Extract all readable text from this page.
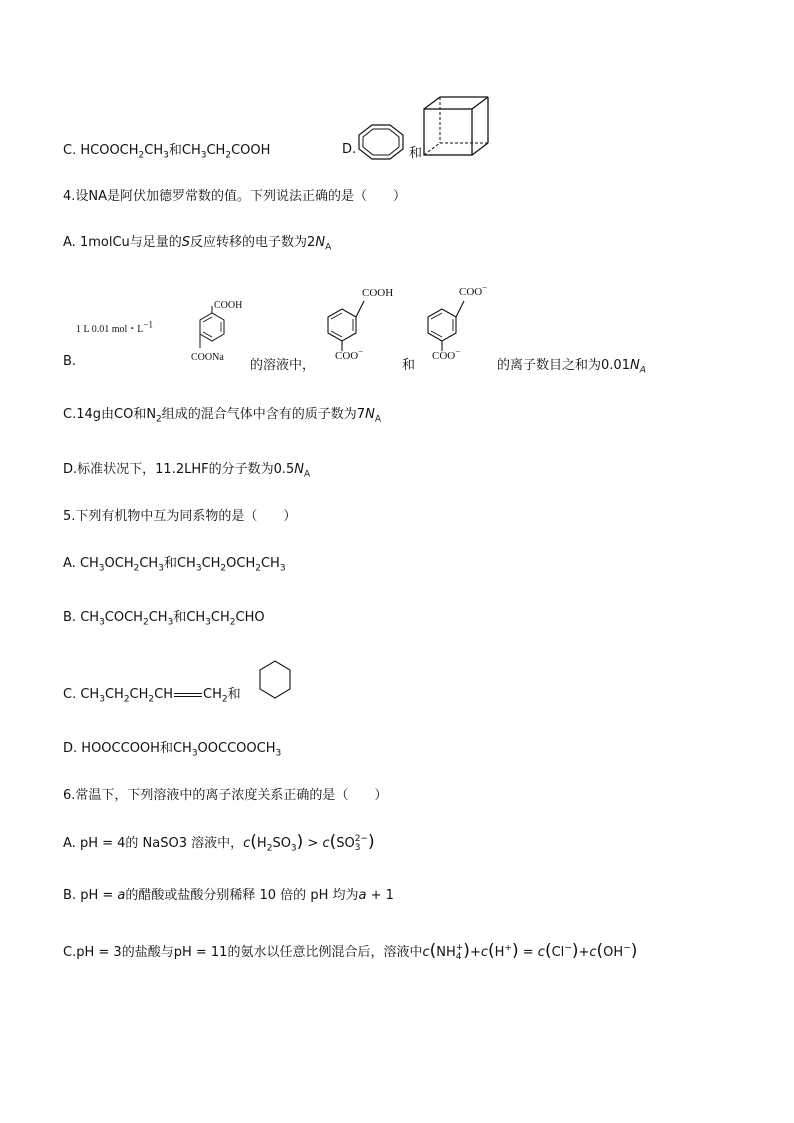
C. $HCOOCH_2CH_3$和$CH_3CH_2COOH$	D.	和
4.设NA是阿伏加德罗常数的值。下列说法正确的是（　　）
A. 1molCu与足量的S反应转移的电子数为$2N_A$
B.
1 L 0.01 mol・$L^{-1}$
COOH
COONa
的溶液中，
COOH
COO−
和
COO−
COO−
的离子数目之和为$0.01N_A$
C.14g由CO和$N_2$组成的混合气体中含有的质子数为$7N_A$
D.标准状况下，11.2LHF的分子数为$0.5N_A$
5.下列有机物中互为同系物的是（　　）
A. $CH_3OCH_2CH_3$和$CH_3CH_2OCH_2CH_3$
B. $CH_3COCH_2CH_3$和$CH_3CH_2CHO$
C. $CH_3CH_2CH_2CH$ $CH_2$和
D. HOOCCOOH和$CH_3OOCCOOCH_3$
6.常温下，下列溶液中的离子浓度关系正确的是（　　）
A. pH = 4的 NaSO3 溶液中，$c(H_2SO_3) > c(SO$ 2−
3 )
B. pH = a的醋酸或盐酸分别稀释 10 倍的 pH 均为a + 1
C.pH = 3的盐酸与pH = 11的氨水以任意比例混合后，溶液中c(NH +
4 )+c(H+) = c(Cl−)+c(OH−)
